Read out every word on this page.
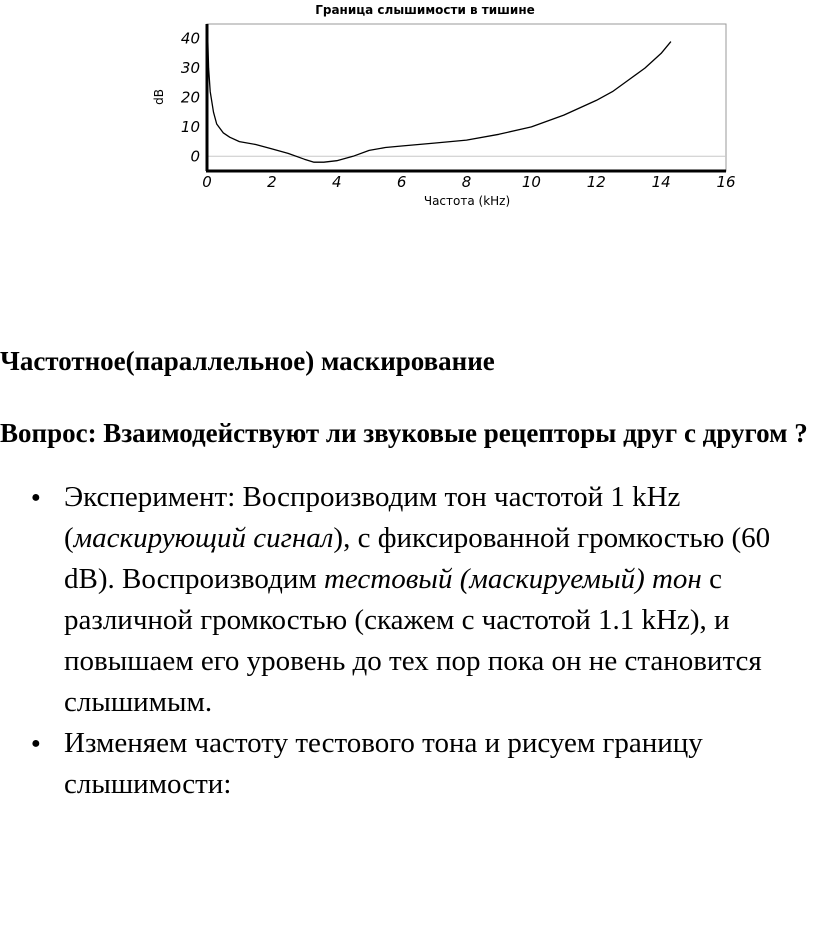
Граница слышимости в тишине
0	2	4	6	8	10	12	14	16
0
10
20
30
40
Частота (kHz)
dB
Частотное(параллельное) маскирование
Вопрос: Взаимодействуют ли звуковые рецепторы друг с другом ?
● Эксперимент: Воспроизводим тон частотой 1 kHz (маскирующий сигнал), с фиксированной громкостью (60 dB). Воспроизводим тестовый (маскируемый) тон с различной громкостью (скажем с частотой 1.1 kHz), и повышаем его уровень до тех пор пока он не становится слышимым.
● Изменяем частоту тестового тона и рисуем границу слышимости:
